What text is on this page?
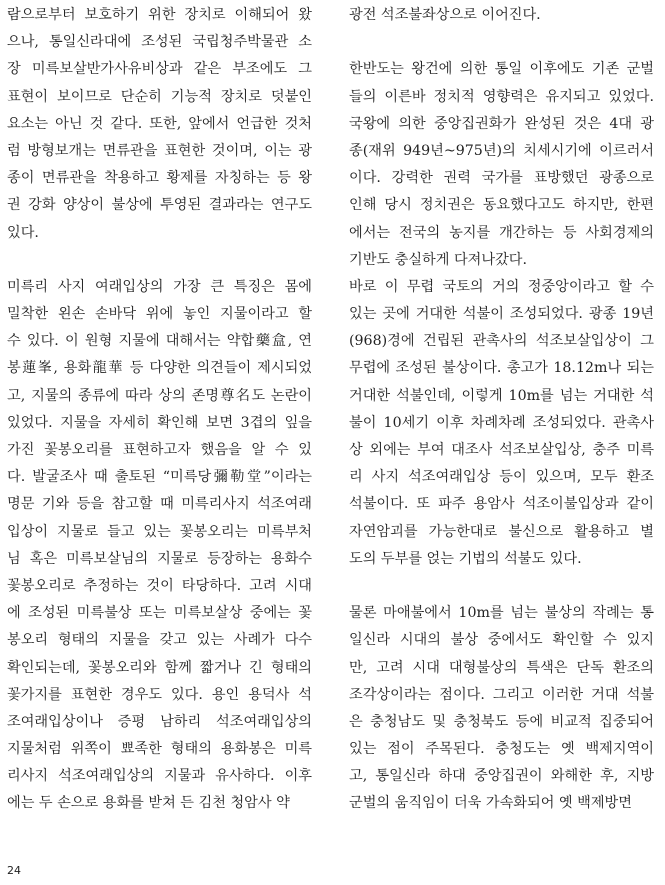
람으로부터 보호하기 위한 장치로 이해되어 왔
으나, 통일신라대에 조성된 국립청주박물관 소
장 미륵보살반가사유비상과 같은 부조에도 그
표현이 보이므로 단순히 기능적 장치로 덧붙인
요소는 아닌 것 같다. 또한, 앞에서 언급한 것처
럼 방형보개는 면류관을 표현한 것이며, 이는 광
종이 면류관을 착용하고 황제를 자칭하는 등 왕
권 강화 양상이 불상에 투영된 결과라는 연구도
있다.
미륵리 사지 여래입상의 가장 큰 특징은 몸에
밀착한 왼손 손바닥 위에 놓인 지물이라고 할
수 있다. 이 원형 지물에 대해서는 약합藥盒, 연
봉蓮峯, 용화龍華 등 다양한 의견들이 제시되었
고, 지물의 종류에 따라 상의 존명尊名도 논란이
있었다. 지물을 자세히 확인해 보면 3겹의 잎을
가진 꽃봉오리를 표현하고자 했음을 알 수 있
다. 발굴조사 때 출토된 “미륵당彌勒堂”이라는
명문 기와 등을 참고할 때 미륵리사지 석조여래
입상이 지물로 들고 있는 꽃봉오리는 미륵부처
님 혹은 미륵보살님의 지물로 등장하는 용화수
꽃봉오리로 추정하는 것이 타당하다. 고려 시대
에 조성된 미륵불상 또는 미륵보살상 중에는 꽃
봉오리 형태의 지물을 갖고 있는 사례가 다수
확인되는데, 꽃봉오리와 함께 짧거나 긴 형태의
꽃가지를 표현한 경우도 있다. 용인 용덕사 석
조여래입상이나 증평 남하리 석조여래입상의
지물처럼 위쪽이 뾰족한 형태의 용화봉은 미륵
리사지 석조여래입상의 지물과 유사하다. 이후
에는 두 손으로 용화를 받쳐 든 김천 청암사 약
광전 석조불좌상으로 이어진다.
한반도는 왕건에 의한 통일 이후에도 기존 군벌
들의 이른바 정치적 영향력은 유지되고 있었다.
국왕에 의한 중앙집권화가 완성된 것은 4대 광
종(재위 949년~975년)의 치세시기에 이르러서
이다. 강력한 권력 국가를 표방했던 광종으로
인해 당시 정치권은 동요했다고도 하지만, 한편
에서는 전국의 농지를 개간하는 등 사회경제의
기반도 충실하게 다져나갔다.
바로 이 무렵 국토의 거의 정중앙이라고 할 수
있는 곳에 거대한 석불이 조성되었다. 광종 19년
(968)경에 건립된 관촉사의 석조보살입상이 그
무렵에 조성된 불상이다. 총고가 18.12m나 되는
거대한 석불인데, 이렇게 10m를 넘는 거대한 석
불이 10세기 이후 차례차례 조성되었다. 관촉사
상 외에는 부여 대조사 석조보살입상, 충주 미륵
리 사지 석조여래입상 등이 있으며, 모두 환조
석불이다. 또 파주 용암사 석조이불입상과 같이
자연암괴를 가능한대로 불신으로 활용하고 별
도의 두부를 얹는 기법의 석불도 있다.
물론 마애불에서 10m를 넘는 불상의 작례는 통
일신라 시대의 불상 중에서도 확인할 수 있지
만, 고려 시대 대형불상의 특색은 단독 환조의
조각상이라는 점이다. 그리고 이러한 거대 석불
은 충청남도 및 충청북도 등에 비교적 집중되어
있는 점이 주목된다. 충청도는 옛 백제지역이
고, 통일신라 하대 중앙집권이 와해한 후, 지방
군벌의 움직임이 더욱 가속화되어 옛 백제방면
24
